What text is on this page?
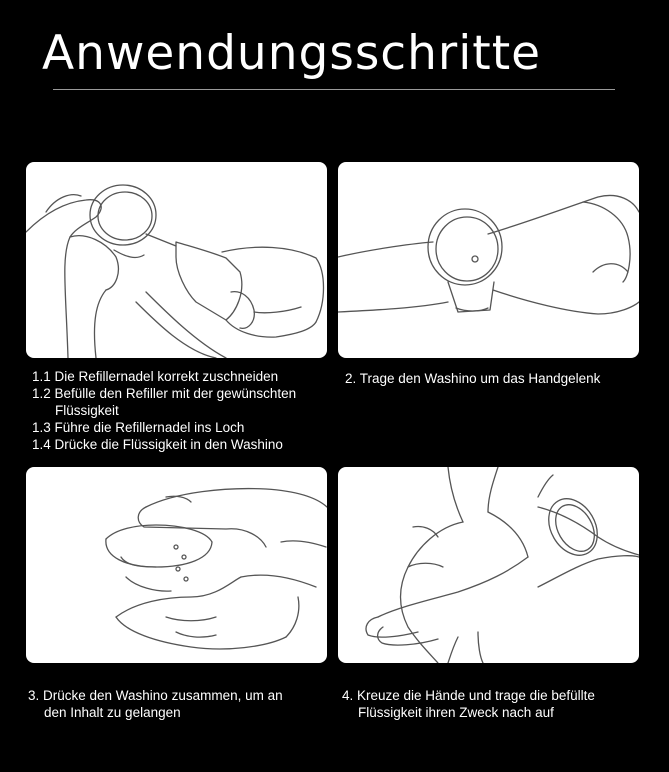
Anwendungsschritte
1.1 Die Refillernadel korrekt zuschneiden
1.2 Befülle den Refiller mit der gewünschten
Flüssigkeit
1.3 Führe die Refillernadel ins Loch
1.4 Drücke die Flüssigkeit in den Washino
2. Trage den Washino um das Handgelenk
3. Drücke den Washino zusammen, um an
den Inhalt zu gelangen
4. Kreuze die Hände und trage die befüllte
Flüssigkeit ihren Zweck nach auf
